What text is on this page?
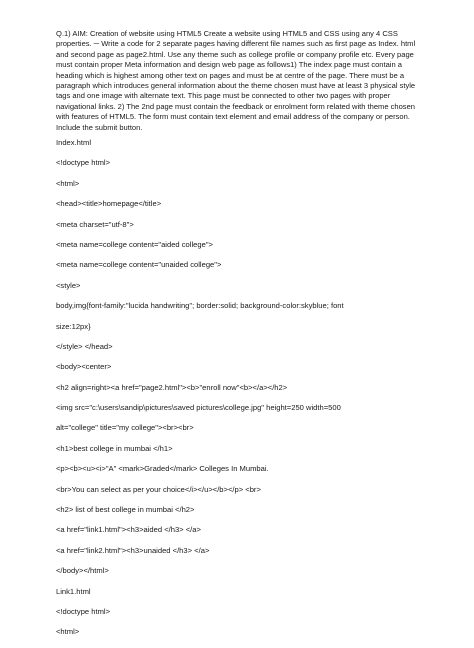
Q.1) AIM: Creation of website using HTML5 Create a website using HTML5 and CSS using any 4 CSS properties. ─ Write a code for 2 separate pages having different file names such as first page as Index. html and second page as page2.html. Use any theme such as college profile or company profile etc. Every page must contain proper Meta information and design web page as follows1) The index page must contain a heading which is highest among other text on pages and must be at centre of the page. There must be a paragraph which introduces general information about the theme chosen must have at least 3 physical style tags and one image with alternate text. This page must be connected to other two pages with proper navigational links. 2) The 2nd page must contain the feedback or enrolment form related with theme chosen with features of HTML5. The form must contain text element and email address of the company or person. Include the submit button.

Index.html
<!doctype html>
<html>
<head><title>homepage</title>
<meta charset="utf-8">
<meta name=college content="aided college">
<meta name=college content="unaided college">
<style>
body,img{font-family:"lucida handwriting"; border:solid; background-color:skyblue; font
size:12px}
</style> </head>
<body><center>
<h2 align=right><a href="page2.html"><b>"enroll now"<b></a></h2>
<img src="c:\users\sandip\pictures\saved pictures\college.jpg" height=250 width=500
alt="college" title="my college"><br><br>
<h1>best college in mumbai </h1>
<p><b><u><i>"A" <mark>Graded</mark> Colleges In Mumbai.
<br>You can select as per your choice</i></u></b></p> <br>
<h2> list of best college in mumbai </h2>
<a href="link1.html"><h3>aided </h3> </a>
<a href="link2.html"><h3>unaided </h3> </a>
</body></html>
Link1.html
<!doctype html>
<html>
